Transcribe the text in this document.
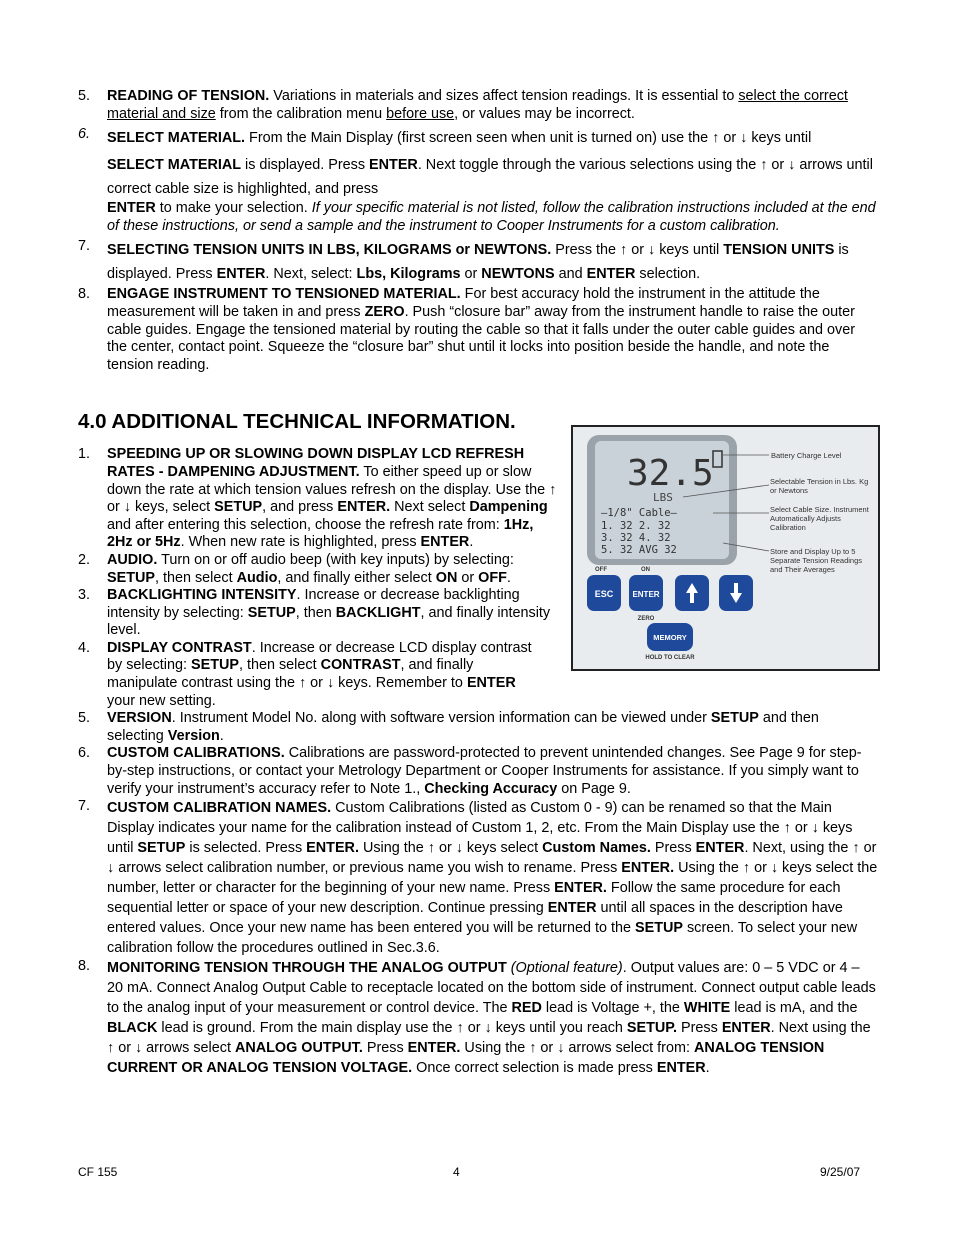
5. READING OF TENSION. Variations in materials and sizes affect tension readings. It is essential to select the correct material and size from the calibration menu before use, or values may be incorrect.

6. SELECT MATERIAL. From the Main Display (first screen seen when unit is turned on) use the ↑ or ↓ keys until

SELECT MATERIAL is displayed. Press ENTER. Next toggle through the various selections using the ↑ or ↓ arrows until correct cable size is highlighted, and press

ENTER to make your selection. If your specific material is not listed, follow the calibration instructions included at the end of these instructions, or send a sample and the instrument to Cooper Instruments for a custom calibration.

7. SELECTING TENSION UNITS IN LBS, KILOGRAMS or NEWTONS. Press the ↑ or ↓ keys until TENSION UNITS is displayed. Press ENTER. Next, select: Lbs, Kilograms or NEWTONS and ENTER selection.

8. ENGAGE INSTRUMENT TO TENSIONED MATERIAL. For best accuracy hold the instrument in the attitude the measurement will be taken in and press ZERO. Push “closure bar” away from the instrument handle to raise the outer cable guides. Engage the tensioned material by routing the cable so that it falls under the outer cable guides and over the center, contact point. Squeeze the “closure bar” shut until it locks into position beside the handle, and note the tension reading.

4.0 ADDITIONAL TECHNICAL INFORMATION.
1. SPEEDING UP OR SLOWING DOWN DISPLAY LCD REFRESH RATES - DAMPENING ADJUSTMENT. To either speed up or slow down the rate at which tension values refresh on the display. Use the ↑ or ↓ keys, select SETUP, and press ENTER. Next select Dampening and after entering this selection, choose the refresh rate from: 1Hz, 2Hz or 5Hz. When new rate is highlighted, press ENTER.

2. AUDIO. Turn on or off audio beep (with key inputs) by selecting: SETUP, then select Audio, and finally either select ON or OFF.

3. BACKLIGHTING INTENSITY. Increase or decrease backlighting intensity by selecting: SETUP, then BACKLIGHT, and finally intensity level.

4. DISPLAY CONTRAST. Increase or decrease LCD display contrast by selecting: SETUP, then select CONTRAST, and finally manipulate contrast using the ↑ or ↓ keys. Remember to ENTER your new setting.

5. VERSION. Instrument Model No. along with software version information can be viewed under SETUP and then selecting Version.

6. CUSTOM CALIBRATIONS. Calibrations are password-protected to prevent unintended changes. See Page 9 for step-by-step instructions, or contact your Metrology Department or Cooper Instruments for assistance. If you simply want to verify your instrument’s accuracy refer to Note 1., Checking Accuracy on Page 9.

7. CUSTOM CALIBRATION NAMES. Custom Calibrations (listed as Custom 0 - 9) can be renamed so that the Main Display indicates your name for the calibration instead of Custom 1, 2, etc. From the Main Display use the ↑ or ↓ keys until SETUP is selected. Press ENTER. Using the ↑ or ↓ keys select Custom Names. Press ENTER. Next, using the ↑ or ↓ arrows select calibration number, or previous name you wish to rename. Press ENTER. Using the ↑ or ↓ keys select the number, letter or character for the beginning of your new name. Press ENTER. Follow the same procedure for each sequential letter or space of your new description. Continue pressing ENTER until all spaces in the description have entered values. Once your new name has been entered you will be returned to the SETUP screen. To select your new calibration follow the procedures outlined in Sec.3.6.

8. MONITORING TENSION THROUGH THE ANALOG OUTPUT (Optional feature). Output values are: 0 – 5 VDC or 4 – 20 mA. Connect Analog Output Cable to receptacle located on the bottom side of instrument. Connect output cable leads to the analog input of your measurement or control device. The RED lead is Voltage +, the WHITE lead is mA, and the BLACK lead is ground. From the main display use the ↑ or ↓ keys until you reach SETUP. Press ENTER. Next using the ↑ or ↓ arrows select ANALOG OUTPUT. Press ENTER. Using the ↑ or ↓ arrows select from: ANALOG TENSION CURRENT OR ANALOG TENSION VOLTAGE. Once correct selection is made press ENTER.

32.5
LBS
—1/8" Cable—
1. 32 2. 32
3. 32 4. 32
5. 32 AVG 32
Battery Charge Level
Selectable Tension in Lbs. Kg or Newtons
Select Cable Size. Instrument Automatically Adjusts Calibration
Store and Display Up to 5 Separate Tension Readings and Their Averages
OFF	ON
ESC ENTER
ZERO
MEMORY
HOLD TO CLEAR
CF 155	4	9/25/07
